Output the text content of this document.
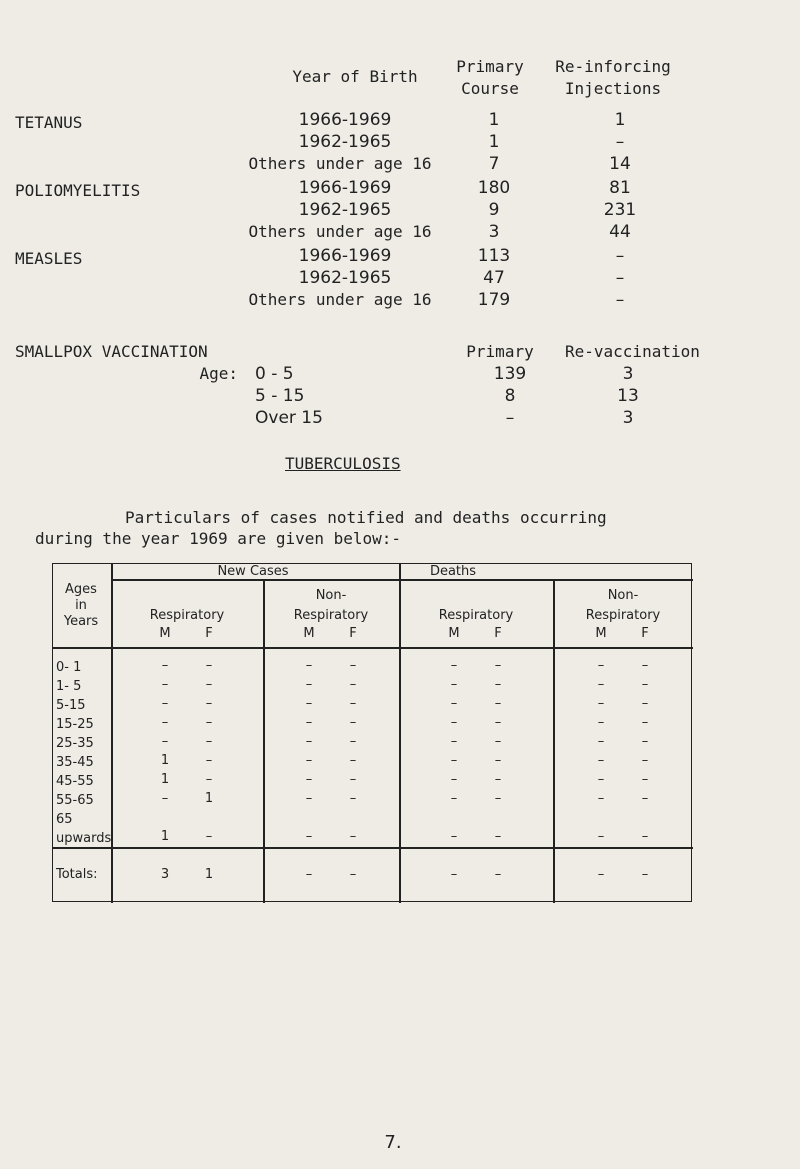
Year of Birth
Primary
Course
Re-inforcing
Injections
TETANUS	1966-1969	1	1
1962-1965	1	–
Others under age 16	7	14
POLIOMYELITIS	1966-1969	180	81
1962-1965	9	231
Others under age 16	3	44
MEASLES	1966-1969	113	–
1962-1965	47	–
Others under age 16	179	–
SMALLPOX VACCINATION	Primary Re-vaccination
Age: 0 - 5	139	3
5 - 15	8	13
Over 15	–	3
TUBERCULOSIS
Particulars of cases notified and deaths occurring
during the year 1969 are given below:-
Ages
in
Years
New Cases	Deaths
Respiratory
M	F
Non-
Respiratory
M	F
Respiratory
M	F
Non-
Respiratory
M	F
0- 1	–	–	–	–	–	–	–	–
1- 5	–	–	–	–	–	–	–	–
5-15	–	–	–	–	–	–	–	–
15-25	–	–	–	–	–	–	–	–
25-35	–	–	–	–	–	–	–	–
35-45	1	–	–	–	–	–	–	–
45-55	1	–	–	–	–	–	–	–
55-65	–	1	–	–	–	–	–	–
65
upwards	1	–	–	–	–	–	–	–
Totals:	3	1	–	–	–	–	–	–
7.
